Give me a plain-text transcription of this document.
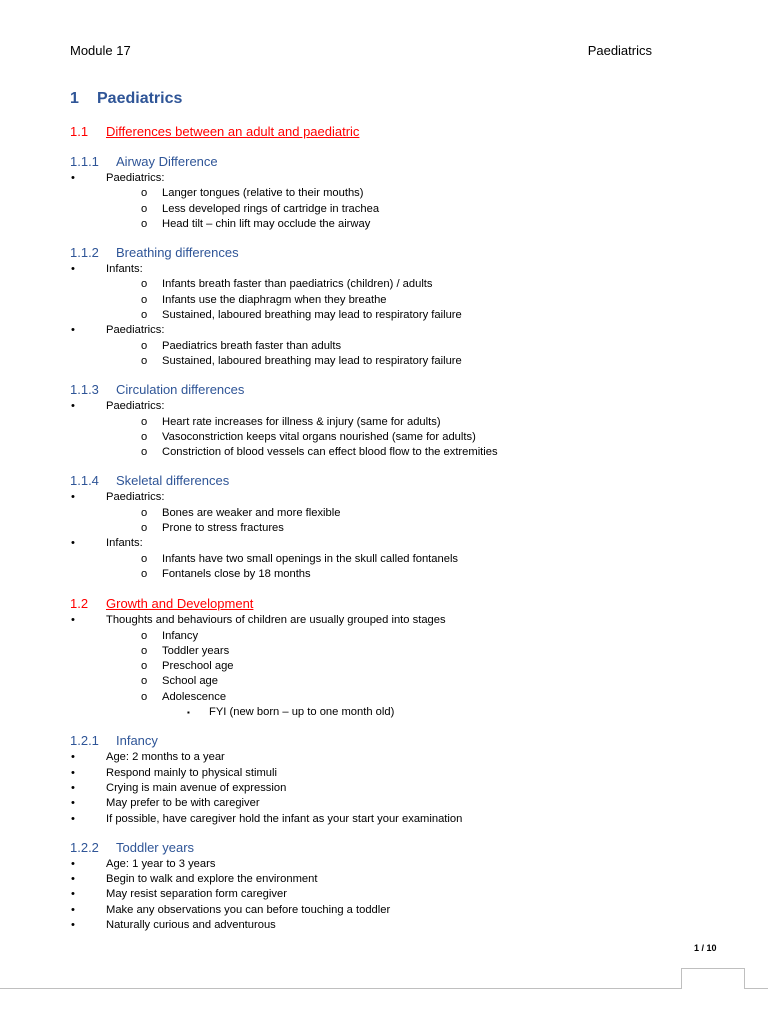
Module 17	Paediatrics
1 Paediatrics
1.1 Differences between an adult and paediatric
1.1.1 Airway Difference
•	Paediatrics:
o Langer tongues (relative to their mouths)
o Less developed rings of cartridge in trachea
o Head tilt – chin lift may occlude the airway
1.1.2 Breathing differences
•	Infants:
o Infants breath faster than paediatrics (children) / adults
o Infants use the diaphragm when they breathe
o Sustained, laboured breathing may lead to respiratory failure
•	Paediatrics:
o Paediatrics breath faster than adults
o Sustained, laboured breathing may lead to respiratory failure
1.1.3 Circulation differences
•	Paediatrics:
o Heart rate increases for illness & injury (same for adults)
o Vasoconstriction keeps vital organs nourished (same for adults)
o Constriction of blood vessels can effect blood flow to the extremities
1.1.4 Skeletal differences
•	Paediatrics:
o Bones are weaker and more flexible
o Prone to stress fractures
•	Infants:
o Infants have two small openings in the skull called fontanels
o Fontanels close by 18 months
1.2 Growth and Development
•	Thoughts and behaviours of children are usually grouped into stages
o Infancy
o Toddler years
o Preschool age
o School age
o Adolescence
▪ FYI (new born – up to one month old)
1.2.1 Infancy
•	Age: 2 months to a year
•	Respond mainly to physical stimuli
•	Crying is main avenue of expression
•	May prefer to be with caregiver
•	If possible, have caregiver hold the infant as your start your examination
1.2.2 Toddler years
•	Age: 1 year to 3 years
•	Begin to walk and explore the environment
•	May resist separation form caregiver
•	Make any observations you can before touching a toddler
•	Naturally curious and adventurous
1 / 10
